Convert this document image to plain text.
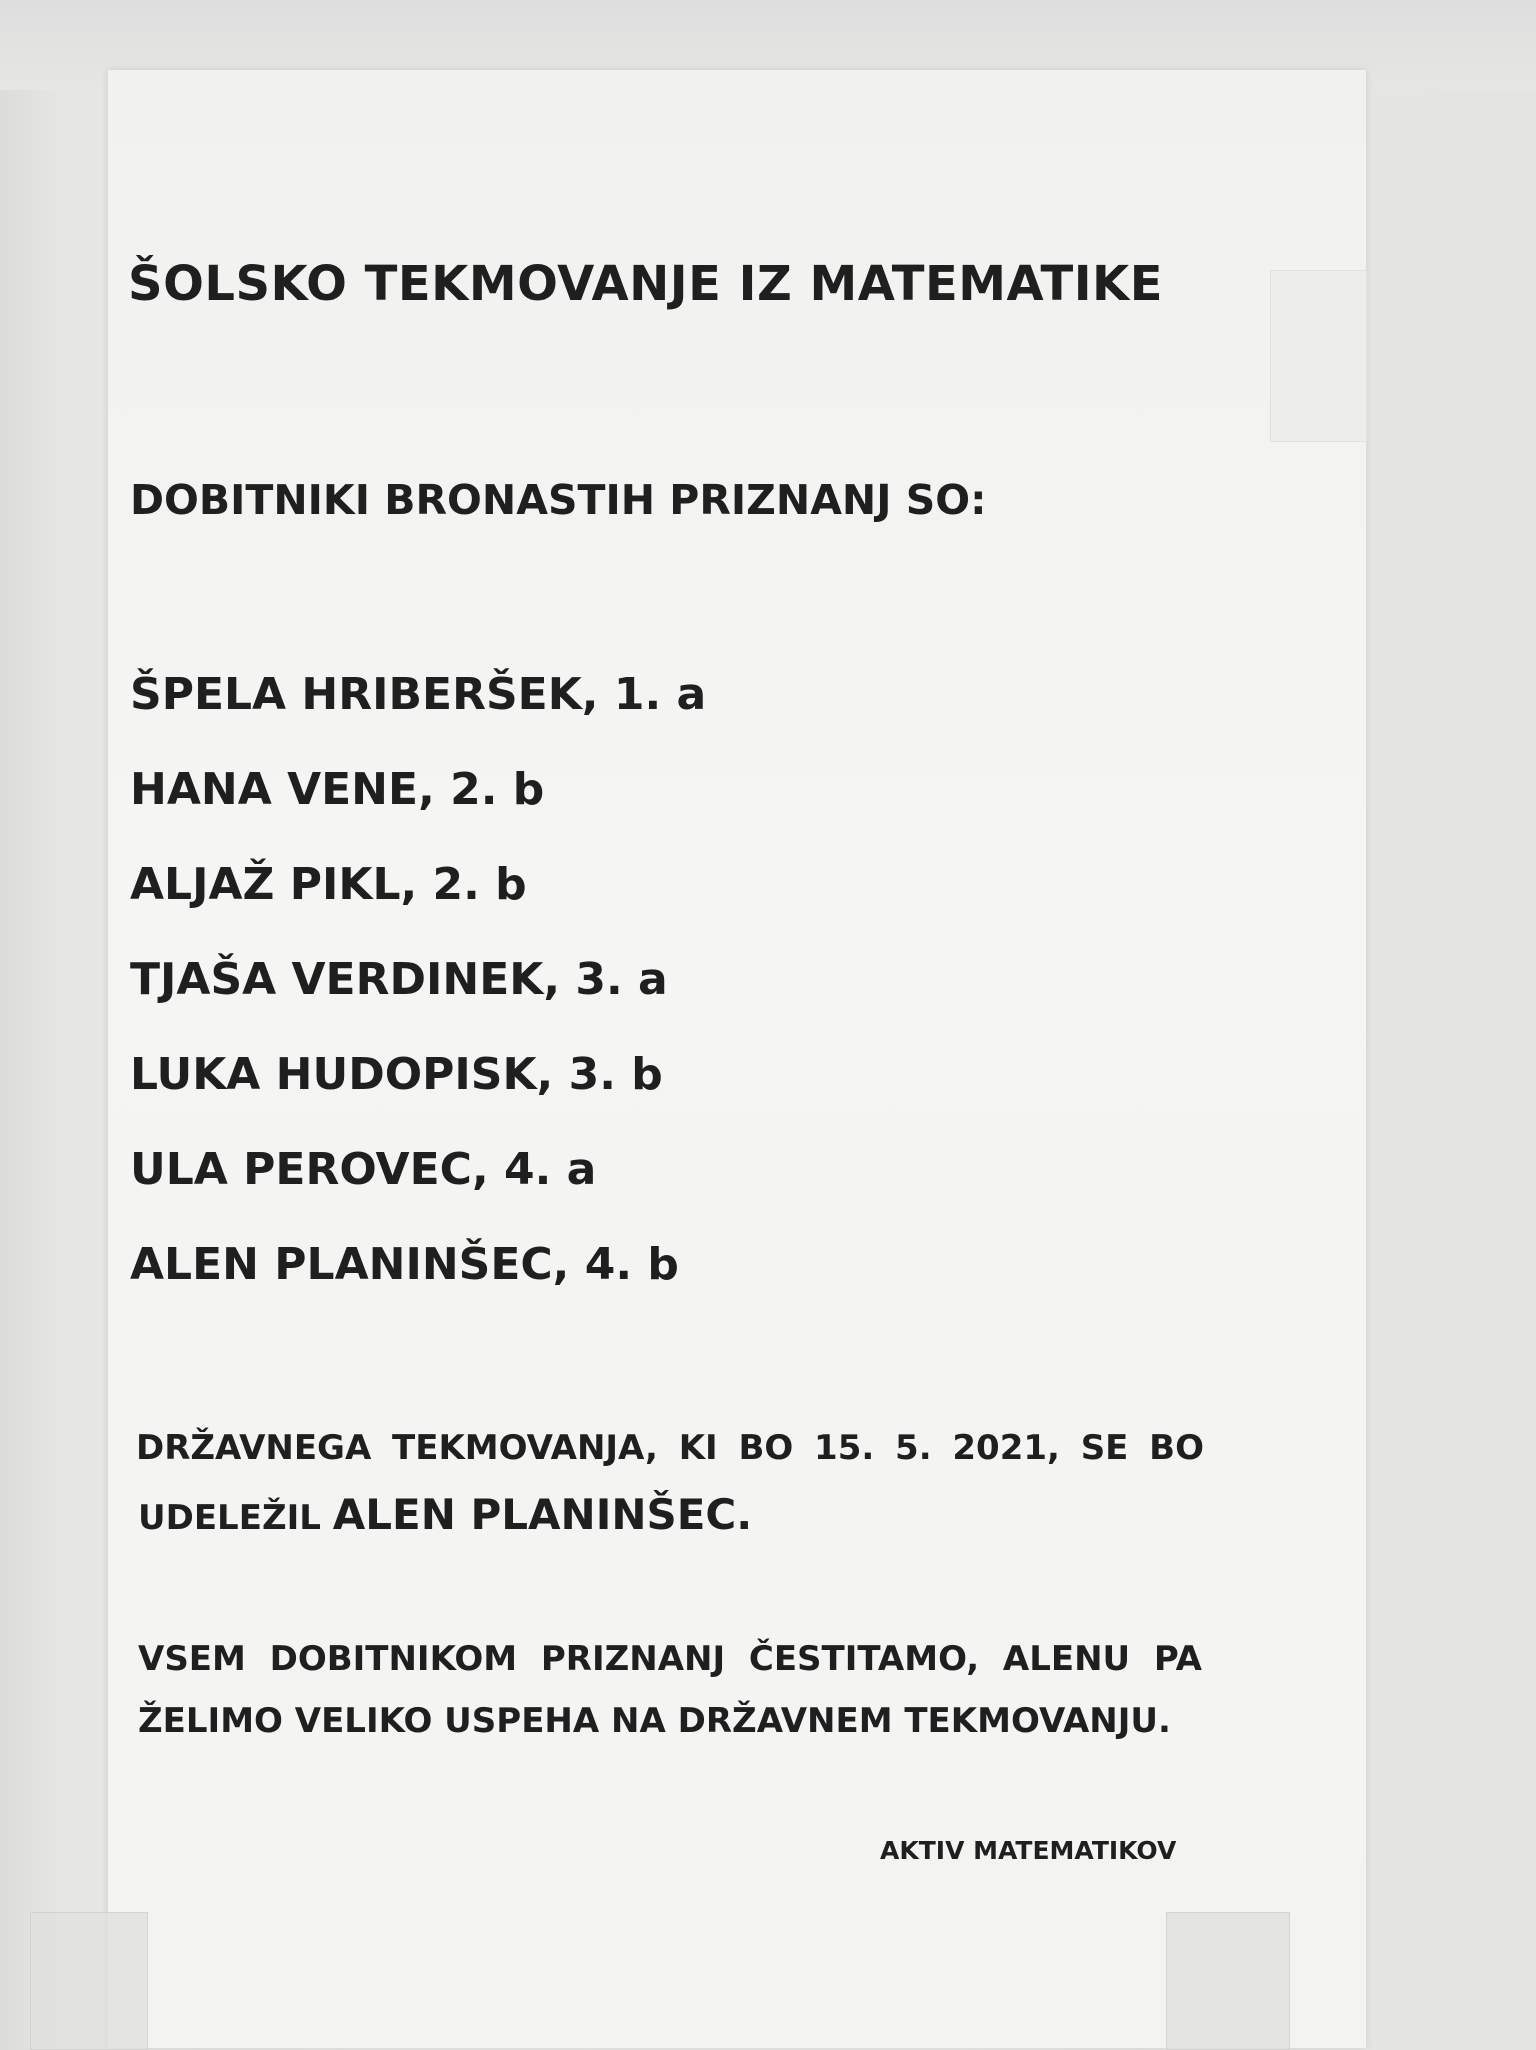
ŠOLSKO TEKMOVANJE IZ MATEMATIKE
DOBITNIKI BRONASTIH PRIZNANJ SO:
ŠPELA HRIBERŠEK, 1. a
HANA VENE, 2. b
ALJAŽ PIKL, 2. b
TJAŠA VERDINEK, 3. a
LUKA HUDOPISK, 3. b
ULA PEROVEC, 4. a
ALEN PLANINŠEC, 4. b

DRŽAVNEGA TEKMOVANJA, KI BO 15. 5. 2021, SE BO

UDELEŽIL ALEN PLANINŠEC.

VSEM DOBITNIKOM PRIZNANJ ČESTITAMO, ALENU PA ŽELIMO VELIKO USPEHA NA DRŽAVNEM TEKMOVANJU.

AKTIV MATEMATIKOV
